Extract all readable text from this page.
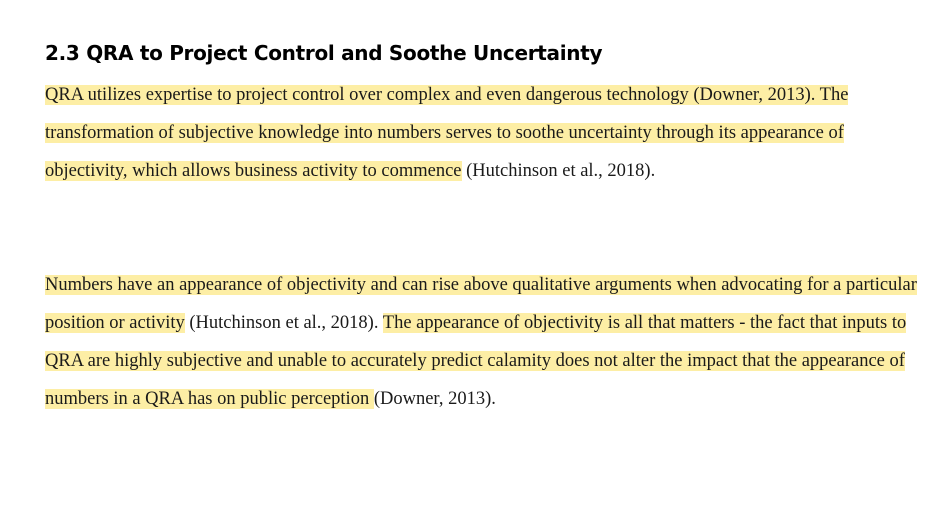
2.3 QRA to Project Control and Soothe Uncertainty

QRA utilizes expertise to project control over complex and even dangerous technology (Downer, 2013). The transformation of subjective knowledge into numbers serves to soothe uncertainty through its appearance of objectivity, which allows business activity to commence (Hutchinson et al., 2018).

Numbers have an appearance of objectivity and can rise above qualitative arguments when advocating for a particular position or activity (Hutchinson et al., 2018). The appearance of objectivity is all that matters - the fact that inputs to QRA are highly subjective and unable to accurately predict calamity does not alter the impact that the appearance of numbers in a QRA has on public perception (Downer, 2013).
